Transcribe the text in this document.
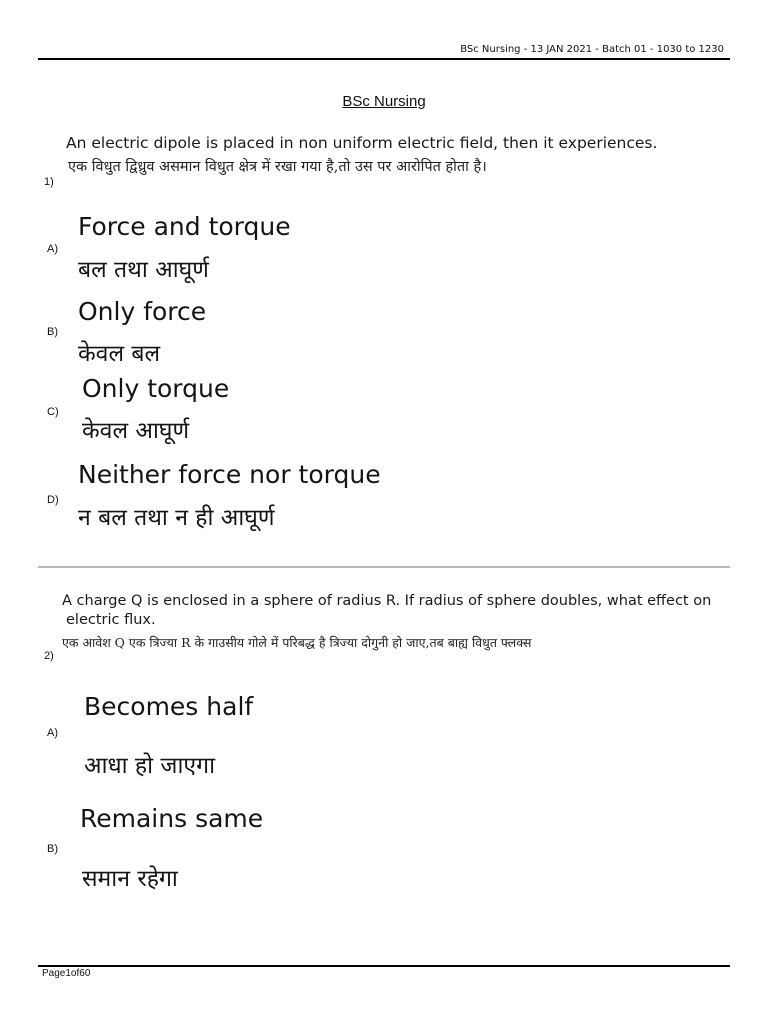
BSc Nursing - 13 JAN 2021 - Batch 01 - 1030 to 1230
BSc Nursing
An electric dipole is placed in non uniform electric field, then it experiences.
एक विधुत द्विध्रुव असमान विधुत क्षेत्र में रखा गया है,तो उस पर आरोपित होता है।
1)
Force and torque
A)
बल तथा आघूर्ण
Only force
B)
केवल बल
Only torque
C)
केवल आघूर्ण
Neither force nor torque
D)
न बल तथा न ही आघूर्ण
A charge Q is enclosed in a sphere of radius R. If radius of sphere doubles, what effect on
electric flux.
एक आवेश Q एक त्रिज्या R के गाउसीय गोले में परिबद्ध है त्रिज्या दोगुनी हो जाए,तब बाह्य विधुत फ्लक्स
2)
Becomes half
A)
आधा हो जाएगा
Remains same
B)
समान रहेगा
Page1of60
